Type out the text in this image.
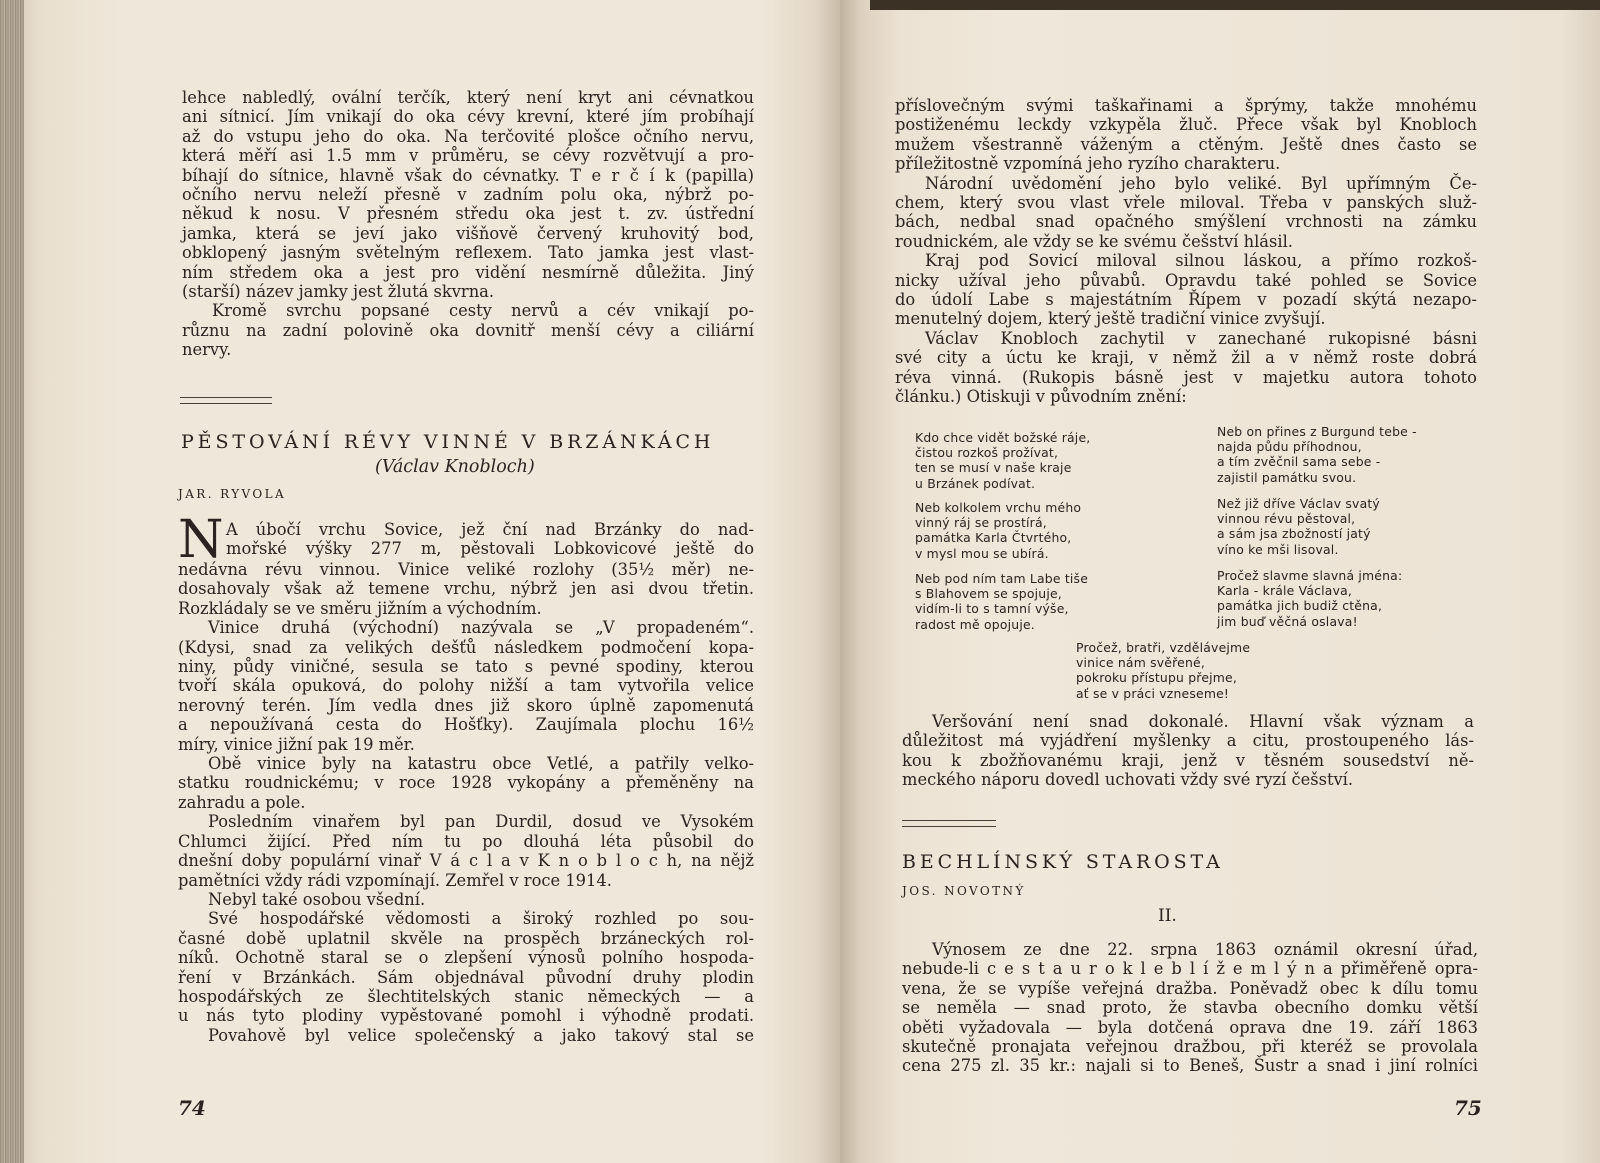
lehce nabledlý, ovální terčík, který není kryt ani cévnatkou

ani sítnicí. Jím vnikají do oka cévy krevní, které jím probíhají

až do vstupu jeho do oka. Na terčovité plošce očního nervu,

která měří asi 1.5 mm v průměru, se cévy rozvětvují a pro-

bíhají do sítnice, hlavně však do cévnatky. T e r č í k (papilla)

očního nervu neleží přesně v zadním polu oka, nýbrž po-

někud k nosu. V přesném středu oka jest t. zv. ústřední

jamka, která se jeví jako višňově červený kruhovitý bod,

obklopený jasným světelným reflexem. Tato jamka jest vlast-

ním středem oka a jest pro vidění nesmírně důležita. Jiný

(starší) název jamky jest žlutá skvrna.

Kromě svrchu popsané cesty nervů a cév vnikají po-

různu na zadní polovině oka dovnitř menší cévy a ciliární

nervy.

PĚSTOVÁNÍ RÉVY VINNÉ V BRZÁNKÁCH
(Václav Knobloch)
JAR. RYVOLA
N A úbočí vrchu Sovice, jež ční nad Brzánky do nad-

mořské výšky 277 m, pěstovali Lobkovicové ještě do

nedávna révu vinnou. Vinice veliké rozlohy (35½ měr) ne-

dosahovaly však až temene vrchu, nýbrž jen asi dvou třetin.

Rozkládaly se ve směru jižním a východním.

Vinice druhá (východní) nazývala se „V propadeném“.

(Kdysi, snad za velikých dešťů následkem podmočení kopa-

niny, půdy viničné, sesula se tato s pevné spodiny, kterou

tvoří skála opuková, do polohy nižší a tam vytvořila velice

nerovný terén. Jím vedla dnes již skoro úplně zapomenutá

a nepoužívaná cesta do Hošťky). Zaujímala plochu 16½

míry, vinice jižní pak 19 měr.

Obě vinice byly na katastru obce Vetlé, a patřily velko-

statku roudnickému; v roce 1928 vykopány a přeměněny na

zahradu a pole.

Posledním vinařem byl pan Durdil, dosud ve Vysokém

Chlumci žijící. Před ním tu po dlouhá léta působil do

dnešní doby populární vinař V á c l a v K n o b l o c h, na nějž

pamětníci vždy rádi vzpomínají. Zemřel v roce 1914.

Nebyl také osobou všední.

Své hospodářské vědomosti a široký rozhled po sou-

časné době uplatnil skvěle na prospěch brzáneckých rol-

níků. Ochotně staral se o zlepšení výnosů polního hospoda-

ření v Brzánkách. Sám objednával původní druhy plodin

hospodářských ze šlechtitelských stanic německých — a

u nás tyto plodiny vypěstované pomohl i výhodně prodati.

Povahově byl velice společenský a jako takový stal se

74

příslovečným svými taškařinami a šprýmy, takže mnohému

postiženému leckdy vzkypěla žluč. Přece však byl Knobloch

mužem všestranně váženým a ctěným. Ještě dnes často se

příležitostně vzpomíná jeho ryzího charakteru.

Národní uvědomění jeho bylo veliké. Byl upřímným Če-

chem, který svou vlast vřele miloval. Třeba v panských služ-

bách, nedbal snad opačného smýšlení vrchnosti na zámku

roudnickém, ale vždy se ke svému češství hlásil.

Kraj pod Sovicí miloval silnou láskou, a přímo rozkoš-

nicky užíval jeho půvabů. Opravdu také pohled se Sovice

do údolí Labe s majestátním Řípem v pozadí skýtá nezapo-

menutelný dojem, který ještě tradiční vinice zvyšují.

Václav Knobloch zachytil v zanechané rukopisné básni

své city a úctu ke kraji, v němž žil a v němž roste dobrá

réva vinná. (Rukopis básně jest v majetku autora tohoto

článku.) Otiskuji v původním znění:

Kdo chce vidět božské ráje,

čistou rozkoš prožívat,

ten se musí v naše kraje

u Brzánek podívat.

Neb kolkolem vrchu mého

vinný ráj se prostírá,

památka Karla Čtvrtého,

v mysl mou se ubírá.

Neb pod ním tam Labe tiše

s Blahovem se spojuje,

vidím-li to s tamní výše,

radost mě opojuje.

Neb on přines z Burgund tebe -

najda půdu příhodnou,

a tím zvěčnil sama sebe -

zajistil památku svou.

Než již dříve Václav svatý

vinnou révu pěstoval,

a sám jsa zbožností jatý

víno ke mši lisoval.

Pročež slavme slavná jména:

Karla - krále Václava,

památka jich budiž ctěna,

jim buď věčná oslava!

Pročež, bratři, vzdělávejme

vinice nám svěřené,

pokroku přístupu přejme,

ať se v práci vzneseme!

Veršování není snad dokonalé. Hlavní však význam a

důležitost má vyjádření myšlenky a citu, prostoupeného lás-

kou k zbožňovanému kraji, jenž v těsném sousedství ně-

meckého náporu dovedl uchovati vždy své ryzí češství.

BECHLÍNSKÝ STAROSTA
JOS. NOVOTNÝ
II.

Výnosem ze dne 22. srpna 1863 oznámil okresní úřad,

nebude-li c e s t a u r o k l e b l í ž e m l ý n a přiměřeně opra-

vena, že se vypíše veřejná dražba. Poněvadž obec k dílu tomu

se neměla — snad proto, že stavba obecního domku větší

oběti vyžadovala — byla dotčená oprava dne 19. září 1863

skutečně pronajata veřejnou dražbou, při kteréž se provolala

cena 275 zl. 35 kr.: najali si to Beneš, Šustr a snad i jiní rolníci

75
